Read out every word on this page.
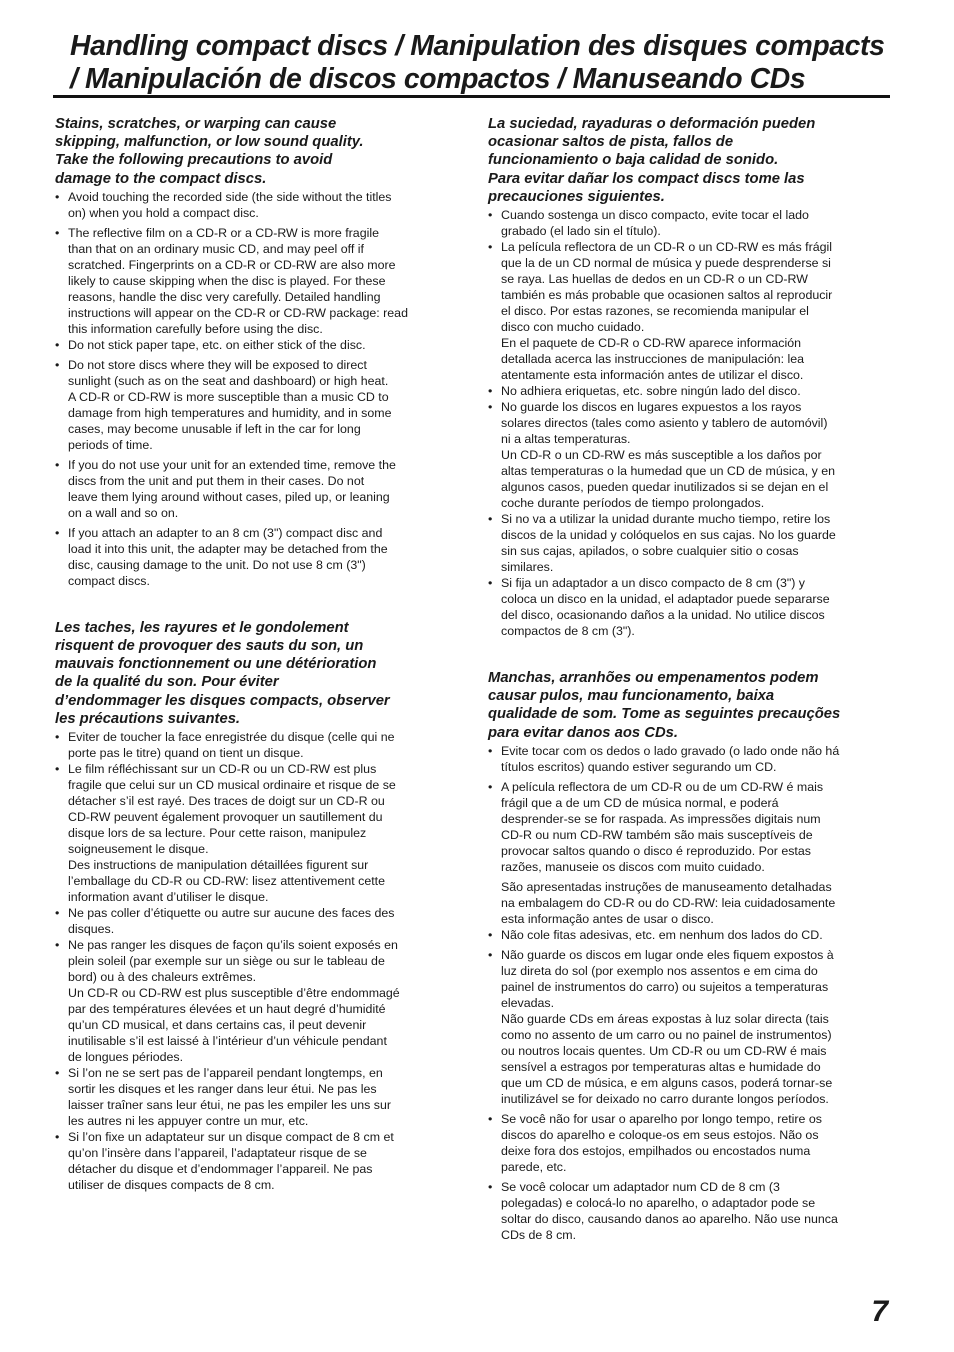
Handling compact discs / Manipulation des disques compacts
/ Manipulación de discos compactos / Manuseando CDs
Stains, scratches, or warping can cause
skipping, malfunction, or low sound quality.
Take the following precautions to avoid
damage to the compact discs.
• Avoid touching the recorded side (the side without the titles
on) when you hold a compact disc.
• The reflective film on a CD-R or a CD-RW is more fragile
than that on an ordinary music CD, and may peel off if
scratched. Fingerprints on a CD-R or CD-RW are also more
likely to cause skipping when the disc is played. For these
reasons, handle the disc very carefully. Detailed handling
instructions will appear on the CD-R or CD-RW package: read
this information carefully before using the disc.
• Do not stick paper tape, etc. on either stick of the disc.
• Do not store discs where they will be exposed to direct
sunlight (such as on the seat and dashboard) or high heat.
A CD-R or CD-RW is more susceptible than a music CD to
damage from high temperatures and humidity, and in some
cases, may become unusable if left in the car for long
periods of time.
• If you do not use your unit for an extended time, remove the
discs from the unit and put them in their cases. Do not
leave them lying around without cases, piled up, or leaning
on a wall and so on.
• If you attach an adapter to an 8 cm (3") compact disc and
load it into this unit, the adapter may be detached from the
disc, causing damage to the unit. Do not use 8 cm (3")
compact discs.
Les taches, les rayures et le gondolement
risquent de provoquer des sauts du son, un
mauvais fonctionnement ou une détérioration
de la qualité du son. Pour éviter
d’endommager les disques compacts, observer
les précautions suivantes.
• Eviter de toucher la face enregistrée du disque (celle qui ne
porte pas le titre) quand on tient un disque.
• Le film réfléchissant sur un CD-R ou un CD-RW est plus
fragile que celui sur un CD musical ordinaire et risque de se
détacher s’il est rayé. Des traces de doigt sur un CD-R ou
CD-RW peuvent également provoquer un sautillement du
disque lors de sa lecture. Pour cette raison, manipulez
soigneusement le disque.
Des instructions de manipulation détaillées figurent sur
l’emballage du CD-R ou CD-RW: lisez attentivement cette
information avant d’utiliser le disque.
• Ne pas coller d’étiquette ou autre sur aucune des faces des
disques.
• Ne pas ranger les disques de façon qu’ils soient exposés en
plein soleil (par exemple sur un siège ou sur le tableau de
bord) ou à des chaleurs extrêmes.
Un CD-R ou CD-RW est plus susceptible d’être endommagé
par des températures élevées et un haut degré d’humidité
qu’un CD musical, et dans certains cas, il peut devenir
inutilisable s’il est laissé à l’intérieur d’un véhicule pendant
de longues périodes.
• Si l’on ne se sert pas de l’appareil pendant longtemps, en
sortir les disques et les ranger dans leur étui. Ne pas les
laisser traîner sans leur étui, ne pas les empiler les uns sur
les autres ni les appuyer contre un mur, etc.
• Si l’on fixe un adaptateur sur un disque compact de 8 cm et
qu’on l’insère dans l’appareil, l’adaptateur risque de se
détacher du disque et d’endommager l’appareil. Ne pas
utiliser de disques compacts de 8 cm.
La suciedad, rayaduras o deformación pueden
ocasionar saltos de pista, fallos de
funcionamiento o baja calidad de sonido.
Para evitar dañar los compact discs tome las
precauciones siguientes.
• Cuando sostenga un disco compacto, evite tocar el lado
grabado (el lado sin el título).
• La película reflectora de un CD-R o un CD-RW es más frágil
que la de un CD normal de música y puede desprenderse si
se raya. Las huellas de dedos en un CD-R o un CD-RW
también es más probable que ocasionen saltos al reproducir
el disco. Por estas razones, se recomienda manipular el
disco con mucho cuidado.
En el paquete de CD-R o CD-RW aparece información
detallada acerca las instrucciones de manipulación: lea
atentamente esta información antes de utilizar el disco.
• No adhiera eriquetas, etc. sobre ningún lado del disco.
• No guarde los discos en lugares expuestos a los rayos
solares directos (tales como asiento y tablero de automóvil)
ni a altas temperaturas.
Un CD-R o un CD-RW es más susceptible a los daños por
altas temperaturas o la humedad que un CD de música, y en
algunos casos, pueden quedar inutilizados si se dejan en el
coche durante períodos de tiempo prolongados.
• Si no va a utilizar la unidad durante mucho tiempo, retire los
discos de la unidad y colóquelos en sus cajas. No los guarde
sin sus cajas, apilados, o sobre cualquier sitio o cosas
similares.
• Si fija un adaptador a un disco compacto de 8 cm (3") y
coloca un disco en la unidad, el adaptador puede separarse
del disco, ocasionando daños a la unidad. No utilice discos
compactos de 8 cm (3").
Manchas, arranhões ou empenamentos podem
causar pulos, mau funcionamento, baixa
qualidade de som. Tome as seguintes precauções
para evitar danos aos CDs.
• Evite tocar com os dedos o lado gravado (o lado onde não há
títulos escritos) quando estiver segurando um CD.
• A película reflectora de um CD-R ou de um CD-RW é mais
frágil que a de um CD de música normal, e poderá
desprender-se se for raspada. As impressões digitais num
CD-R ou num CD-RW também são mais susceptíveis de
provocar saltos quando o disco é reproduzido. Por estas
razões, manuseie os discos com muito cuidado.
São apresentadas instruções de manuseamento detalhadas
na embalagem do CD-R ou do CD-RW: leia cuidadosamente
esta informação antes de usar o disco.
• Não cole fitas adesivas, etc. em nenhum dos lados do CD.
• Não guarde os discos em lugar onde eles fiquem expostos à
luz direta do sol (por exemplo nos assentos e em cima do
painel de instrumentos do carro) ou sujeitos a temperaturas
elevadas.
Não guarde CDs em áreas expostas à luz solar directa (tais
como no assento de um carro ou no painel de instrumentos)
ou noutros locais quentes. Um CD-R ou um CD-RW é mais
sensível a estragos por temperaturas altas e humidade do
que um CD de música, e em alguns casos, poderá tornar-se
inutilizável se for deixado no carro durante longos períodos.
• Se você não for usar o aparelho por longo tempo, retire os
discos do aparelho e coloque-os em seus estojos. Não os
deixe fora dos estojos, empilhados ou encostados numa
parede, etc.
• Se você colocar um adaptador num CD de 8 cm (3
polegadas) e colocá-lo no aparelho, o adaptador pode se
soltar do disco, causando danos ao aparelho. Não use nunca
CDs de 8 cm.
7
